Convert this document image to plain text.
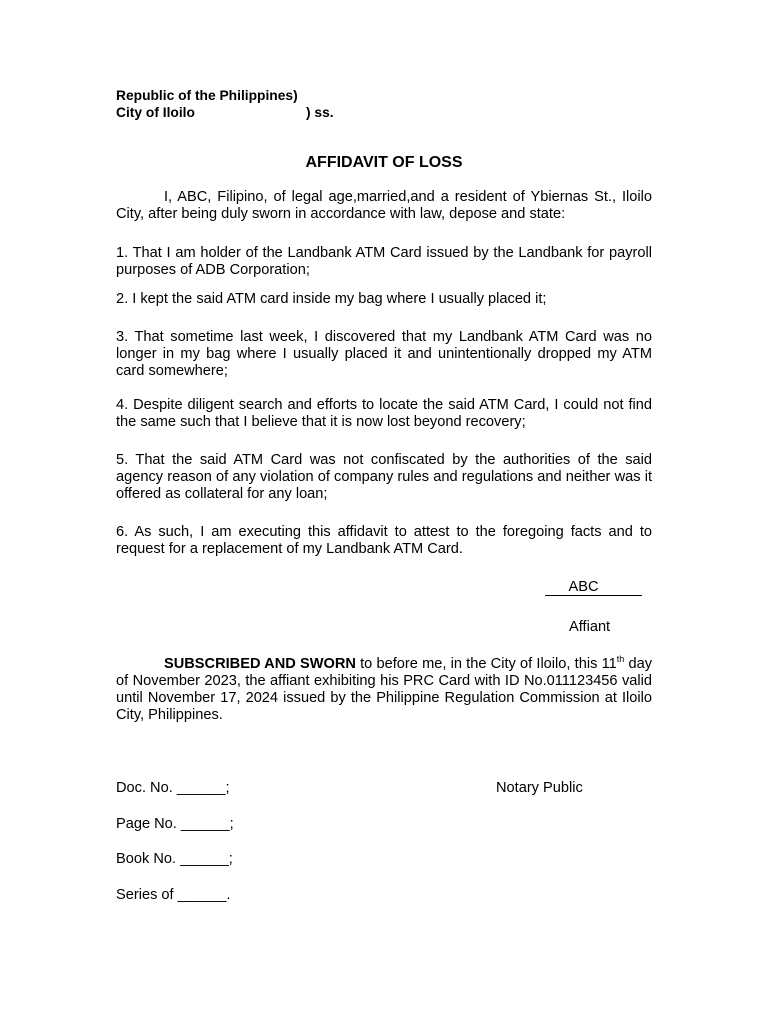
Republic of the Philippines)
City of Iloilo	) ss.
AFFIDAVIT OF LOSS
I, ABC, Filipino, of legal age,married,and a resident of Ybiernas St., Iloilo City, after being duly sworn in accordance with law, depose and state:
1. That I am holder of the Landbank ATM Card issued by the Landbank for payroll purposes of ADB Corporation;
2. I kept the said ATM card inside my bag where I usually placed it;
3. That sometime last week, I discovered that my Landbank ATM Card was no longer in my bag where I usually placed it and unintentionally dropped my ATM card somewhere;
4. Despite diligent search and efforts to locate the said ATM Card, I could not find the same such that I believe that it is now lost beyond recovery;
5. That the said ATM Card was not confiscated by the authorities of the said agency reason of any violation of company rules and regulations and neither was it offered as collateral for any loan;
6. As such, I am executing this affidavit to attest to the foregoing facts and to request for a replacement of my Landbank ATM Card.
ABC
Affiant
SUBSCRIBED AND SWORN to before me, in the City of Iloilo, this 11th day of November 2023, the affiant exhibiting his PRC Card with ID No.011123456 valid until November 17, 2024 issued by the Philippine Regulation Commission at Iloilo City, Philippines.
Doc. No. ______;	Notary Public
Page No. ______;
Book No. ______;
Series of ______.
